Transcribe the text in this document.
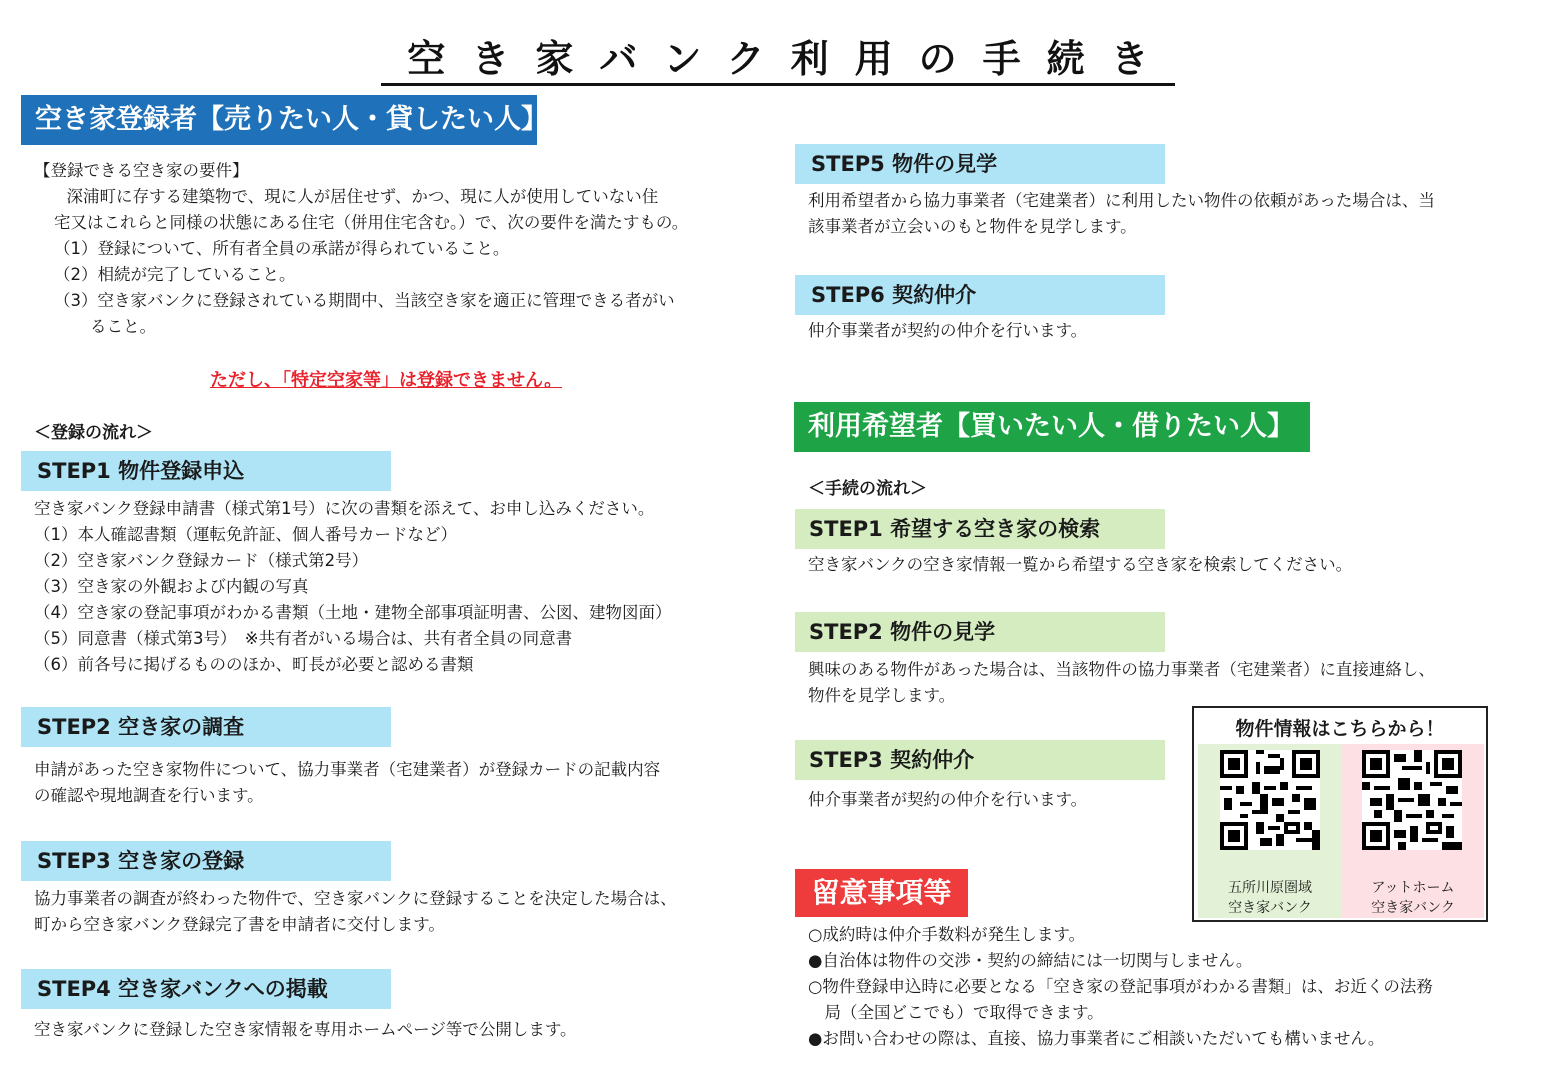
空き家バンク利用の手続き
空き家登録者【売りたい人・貸したい人】
【登録できる空き家の要件】
　深浦町に存する建築物で、現に人が居住せず、かつ、現に人が使用していない住
宅又はこれらと同様の状態にある住宅（併用住宅含む。）で、次の要件を満たすもの。
（1）登録について、所有者全員の承諾が得られていること。
（2）相続が完了していること。
（3）空き家バンクに登録されている期間中、当該空き家を適正に管理できる者がい
ること。
ただし、「特定空家等」は登録できません。
＜登録の流れ＞
STEP1 物件登録申込
空き家バンク登録申請書（様式第1号）に次の書類を添えて、お申し込みください。
（1）本人確認書類（運転免許証、個人番号カードなど）
（2）空き家バンク登録カード（様式第2号）
（3）空き家の外観および内観の写真
（4）空き家の登記事項がわかる書類（土地・建物全部事項証明書、公図、建物図面）
（5）同意書（様式第3号）　※共有者がいる場合は、共有者全員の同意書
（6）前各号に掲げるもののほか、町長が必要と認める書類
STEP2 空き家の調査
申請があった空き家物件について、協力事業者（宅建業者）が登録カードの記載内容
の確認や現地調査を行います。
STEP3 空き家の登録
協力事業者の調査が終わった物件で、空き家バンクに登録することを決定した場合は、
町から空き家バンク登録完了書を申請者に交付します。
STEP4 空き家バンクへの掲載
空き家バンクに登録した空き家情報を専用ホームページ等で公開します。
STEP5 物件の見学
利用希望者から協力事業者（宅建業者）に利用したい物件の依頼があった場合は、当
該事業者が立会いのもと物件を見学します。
STEP6 契約仲介
仲介事業者が契約の仲介を行います。
利用希望者【買いたい人・借りたい人】
＜手続の流れ＞
STEP1 希望する空き家の検索
空き家バンクの空き家情報一覧から希望する空き家を検索してください。
STEP2 物件の見学
興味のある物件があった場合は、当該物件の協力事業者（宅建業者）に直接連絡し、
物件を見学します。
STEP3 契約仲介
仲介事業者が契約の仲介を行います。
物件情報はこちらから！
五所川原圏域
空き家バンク
アットホーム
空き家バンク
留意事項等
○成約時は仲介手数料が発生します。
●自治体は物件の交渉・契約の締結には一切関与しません。
○物件登録申込時に必要となる「空き家の登記事項がわかる書類」は、お近くの法務
　局（全国どこでも）で取得できます。
●お問い合わせの際は、直接、協力事業者にご相談いただいても構いません。
